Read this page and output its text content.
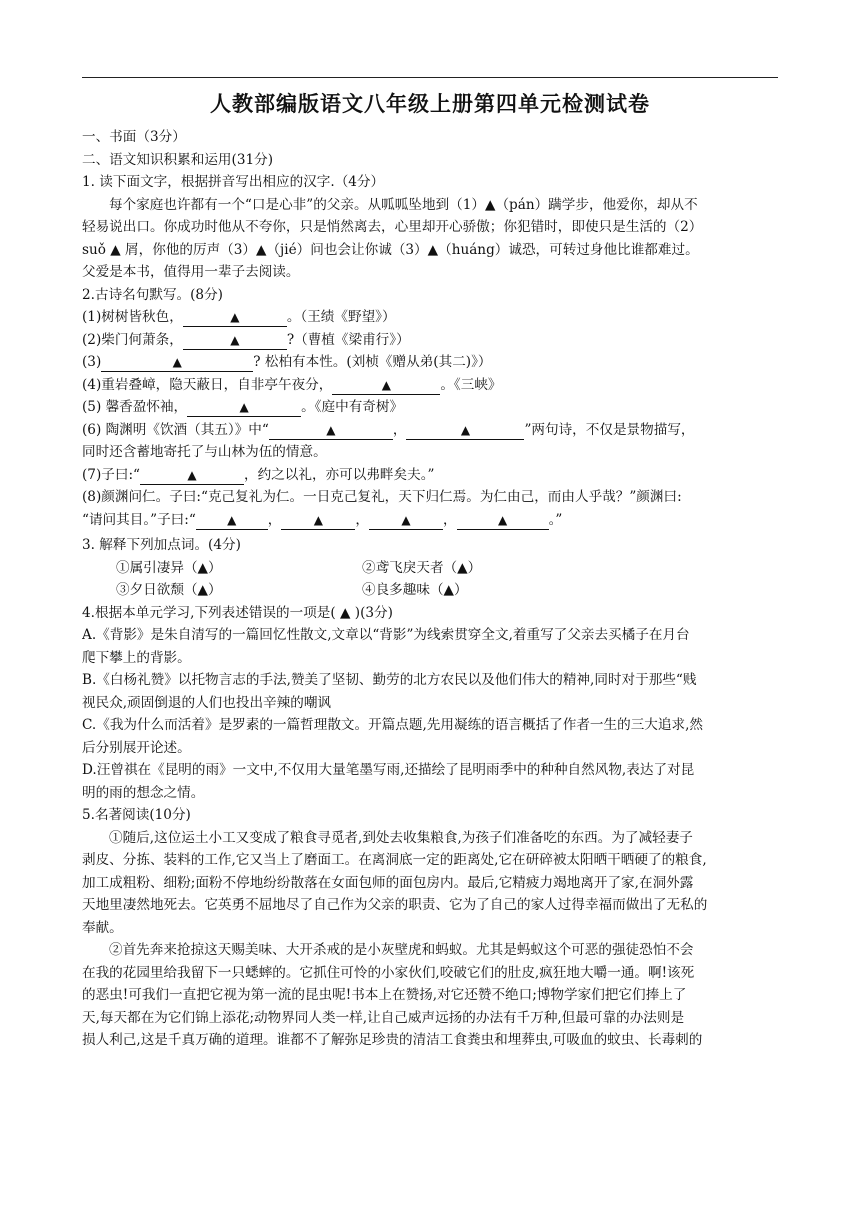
人教部编版语文八年级上册第四单元检测试卷
一、书面（3分）
二、语文知识积累和运用(31分)
1. 读下面文字，根据拼音写出相应的汉字.（4分）
每个家庭也许都有一个“口是心非”的父亲。从呱呱坠地到（1）▲（pán）蹒学步，他爱你，却从不
轻易说出口。你成功时他从不夸你，只是悄然离去，心里却开心骄傲；你犯错时，即使只是生活的（2）
suǒ ▲ 屑，你他的厉声（3）▲（jié）问也会让你诚（3）▲（huáng）诚恐，可转过身他比谁都难过。
父爱是本书，值得用一辈子去阅读。
2.古诗名句默写。(8分)
(1)树树皆秋色，	▲	。（王绩《野望》）
(2)柴门何萧条，	▲	?（曹植《梁甫行》）
(3)	▲	? 松柏有本性。(刘桢《赠从弟(其二)》）
(4)重岩叠嶂，隐天蔽日，自非亭午夜分，	▲	。《三峡》
(5) 馨香盈怀袖，	▲	。《庭中有奇树》
(6) 陶渊明《饮酒（其五）》中“	▲	，	▲	”两句诗，不仅是景物描写，
同时还含蓄地寄托了与山林为伍的情意。
(7)子曰:“	▲	，约之以礼，亦可以弗畔矣夫。”
(8)颜渊问仁。子曰:“克己复礼为仁。一日克己复礼，天下归仁焉。为仁由己，而由人乎哉？”颜渊曰:
“请问其目。”子曰:“	▲ ，	▲ ，	▲ ，	▲	。”
3. 解释下列加点词。(4分)
①属引凄异（▲）	②鸢飞戾天者（▲）
③夕日欲颓（▲）	④良多趣味（▲）
4.根据本单元学习,下列表述错误的一项是( ▲ )(3分)
A.《背影》是朱自清写的一篇回忆性散文,文章以“背影”为线索贯穿全文,着重写了父亲去买橘子在月台
爬下攀上的背影。
B.《白杨礼赞》以托物言志的手法,赞美了坚韧、勤劳的北方农民以及他们伟大的精神,同时对于那些“贱
视民众,顽固倒退的人们也投出辛辣的嘲讽
C.《我为什么而活着》是罗素的一篇哲理散文。开篇点题,先用凝练的语言概括了作者一生的三大追求,然
后分别展开论述。
D.汪曾祺在《昆明的雨》一文中,不仅用大量笔墨写雨,还描绘了昆明雨季中的种种自然风物,表达了对昆
明的雨的想念之情。
5.名著阅读(10分)
①随后,这位运土小工又变成了粮食寻觅者,到处去收集粮食,为孩子们准备吃的东西。为了减轻妻子
剥皮、分拣、装料的工作,它又当上了磨面工。在离洞底一定的距离处,它在研碎被太阳晒干晒硬了的粮食,
加工成粗粉、细粉;面粉不停地纷纷散落在女面包师的面包房内。最后,它精疲力竭地离开了家,在洞外露
天地里凄然地死去。它英勇不屈地尽了自己作为父亲的职责、它为了自己的家人过得幸福而做出了无私的
奉献。
②首先奔来抢掠这天赐美味、大开杀戒的是小灰壁虎和蚂蚁。尤其是蚂蚁这个可恶的强徒恐怕不会
在我的花园里给我留下一只蟋蟀的。它抓住可怜的小家伙们,咬破它们的肚皮,疯狂地大嚼一通。啊!该死
的恶虫!可我们一直把它视为第一流的昆虫呢!书本上在赞扬,对它还赞不绝口;博物学家们把它们捧上了
天,每天都在为它们锦上添花;动物界同人类一样,让自己威声远扬的办法有千万种,但最可靠的办法则是
损人利己,这是千真万确的道理。谁都不了解弥足珍贵的清洁工食粪虫和埋葬虫,可吸血的蚊虫、长毒刺的
